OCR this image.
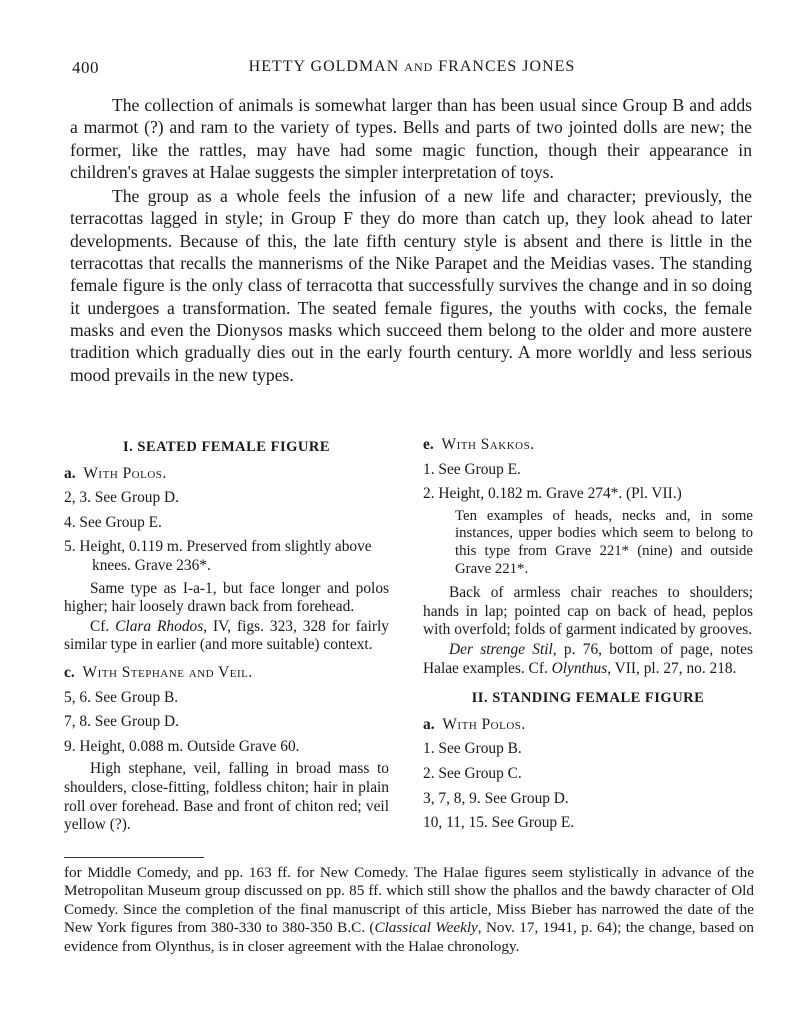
400	HETTY GOLDMAN AND FRANCES JONES

The collection of animals is somewhat larger than has been usual since Group B and adds a marmot (?) and ram to the variety of types. Bells and parts of two jointed dolls are new; the former, like the rattles, may have had some magic function, though their appearance in children's graves at Halae suggests the simpler interpretation of toys.

The group as a whole feels the infusion of a new life and character; previously, the terracottas lagged in style; in Group F they do more than catch up, they look ahead to later developments. Because of this, the late fifth century style is absent and there is little in the terracottas that recalls the mannerisms of the Nike Parapet and the Meidias vases. The standing female figure is the only class of terracotta that successfully survives the change and in so doing it undergoes a transformation. The seated female figures, the youths with cocks, the female masks and even the Dionysos masks which succeed them belong to the older and more austere tradition which gradually dies out in the early fourth century. A more worldly and less serious mood prevails in the new types.

I. SEATED FEMALE FIGURE
a. With Polos.
2, 3. See Group D.
4. See Group E.
5. Height, 0.119 m. Preserved from slightly above knees. Grave 236*.
Same type as I-a-1, but face longer and polos higher; hair loosely drawn back from forehead.
Cf. Clara Rhodos, IV, figs. 323, 328 for fairly similar type in earlier (and more suitable) context.
c. With Stephane and Veil.
5, 6. See Group B.
7, 8. See Group D.
9. Height, 0.088 m. Outside Grave 60.
High stephane, veil, falling in broad mass to shoulders, close-fitting, foldless chiton; hair in plain roll over forehead. Base and front of chiton red; veil yellow (?).
e. With Sakkos.
1. See Group E.
2. Height, 0.182 m. Grave 274*. (Pl. VII.)
Ten examples of heads, necks and, in some instances, upper bodies which seem to belong to this type from Grave 221* (nine) and outside Grave 221*.
Back of armless chair reaches to shoulders; hands in lap; pointed cap on back of head, peplos with overfold; folds of garment indicated by grooves.
Der strenge Stil, p. 76, bottom of page, notes Halae examples. Cf. Olynthus, VII, pl. 27, no. 218.
II. STANDING FEMALE FIGURE
a. With Polos.
1. See Group B.
2. See Group C.
3, 7, 8, 9. See Group D.
10, 11, 15. See Group E.

for Middle Comedy, and pp. 163 ff. for New Comedy. The Halae figures seem stylistically in advance of the Metropolitan Museum group discussed on pp. 85 ff. which still show the phallos and the bawdy character of Old Comedy. Since the completion of the final manuscript of this article, Miss Bieber has narrowed the date of the New York figures from 380-330 to 380-350 B.C. (Classical Weekly, Nov. 17, 1941, p. 64); the change, based on evidence from Olynthus, is in closer agreement with the Halae chronology.
